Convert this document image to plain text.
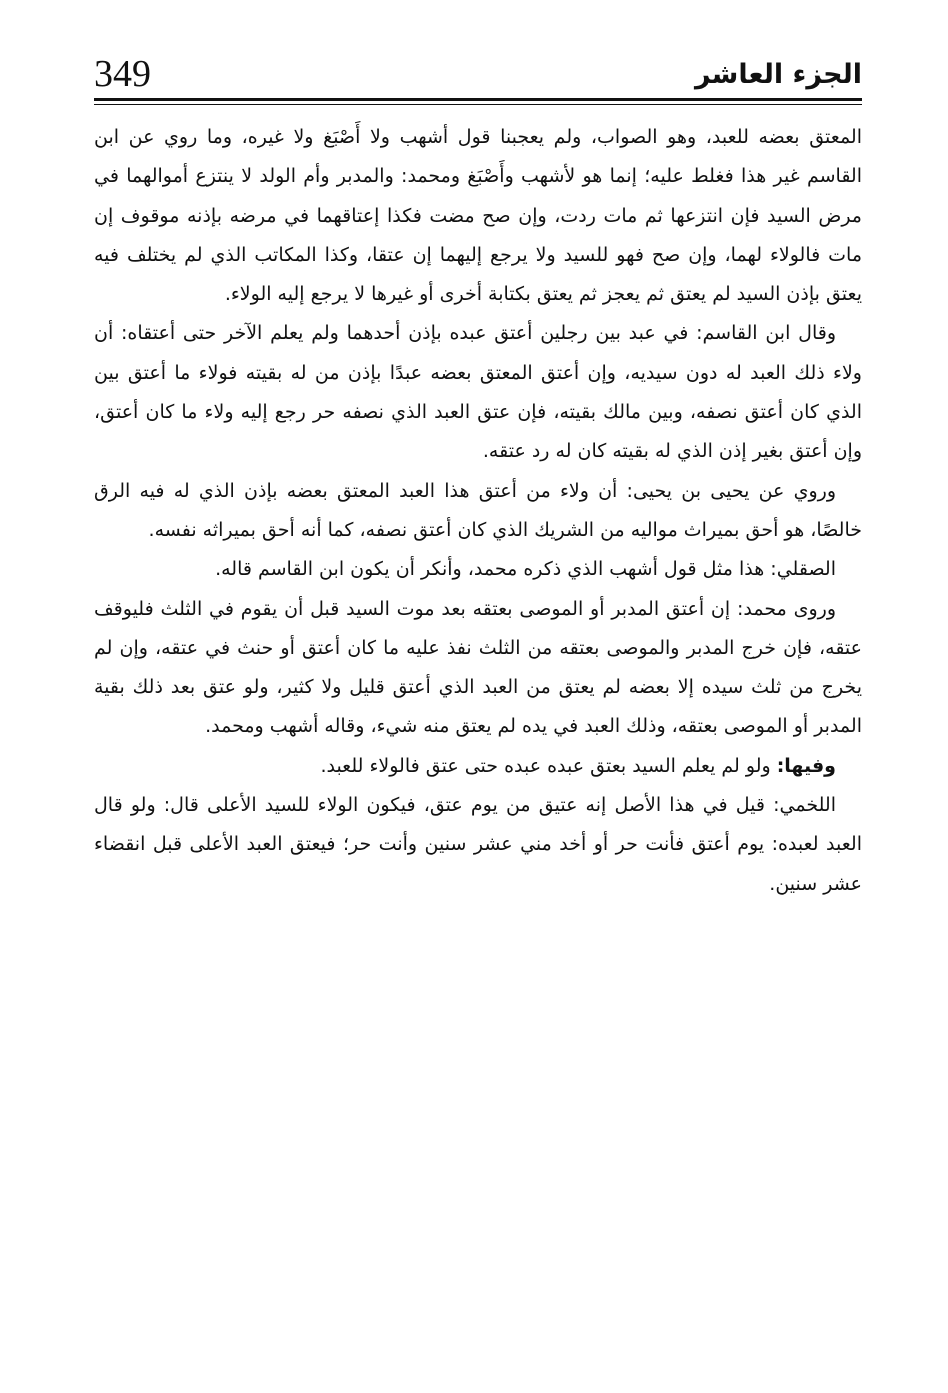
349	الجزء العاشر

المعتق بعضه للعبد، وهو الصواب، ولم يعجبنا قول أشهب ولا أَصْبَغ ولا غيره، وما روي عن ابن القاسم غير هذا فغلط عليه؛ إنما هو لأشهب وأَصْبَغ ومحمد: والمدبر وأم الولد لا ينتزع أموالهما في مرض السيد فإن انتزعها ثم مات ردت، وإن صح مضت فكذا إعتاقهما في مرضه بإذنه موقوف إن مات فالولاء لهما، وإن صح فهو للسيد ولا يرجع إليهما إن عتقا، وكذا المكاتب الذي لم يختلف فيه يعتق بإذن السيد لم يعتق ثم يعجز ثم يعتق بكتابة أخرى أو غيرها لا يرجع إليه الولاء.

وقال ابن القاسم: في عبد بين رجلين أعتق عبده بإذن أحدهما ولم يعلم الآخر حتى أعتقاه: أن ولاء ذلك العبد له دون سيديه، وإن أعتق المعتق بعضه عبدًا بإذن من له بقيته فولاء ما أعتق بين الذي كان أعتق نصفه، وبين مالك بقيته، فإن عتق العبد الذي نصفه حر رجع إليه ولاء ما كان أعتق، وإن أعتق بغير إذن الذي له بقيته كان له رد عتقه.

وروي عن يحيى بن يحيى: أن ولاء من أعتق هذا العبد المعتق بعضه بإذن الذي له فيه الرق خالصًا، هو أحق بميراث مواليه من الشريك الذي كان أعتق نصفه، كما أنه أحق بميراثه نفسه.

الصقلي: هذا مثل قول أشهب الذي ذكره محمد، وأنكر أن يكون ابن القاسم قاله.

وروى محمد: إن أعتق المدبر أو الموصى بعتقه بعد موت السيد قبل أن يقوم في الثلث فليوقف عتقه، فإن خرج المدبر والموصى بعتقه من الثلث نفذ عليه ما كان أعتق أو حنث في عتقه، وإن لم يخرج من ثلث سيده إلا بعضه لم يعتق من العبد الذي أعتق قليل ولا كثير، ولو عتق بعد ذلك بقية المدبر أو الموصى بعتقه، وذلك العبد في يده لم يعتق منه شيء، وقاله أشهب ومحمد.

وفيها: ولو لم يعلم السيد بعتق عبده عبده حتى عتق فالولاء للعبد.

اللخمي: قيل في هذا الأصل إنه عتيق من يوم عتق، فيكون الولاء للسيد الأعلى قال: ولو قال العبد لعبده: يوم أعتق فأنت حر أو أخد مني عشر سنين وأنت حر؛ فيعتق العبد الأعلى قبل انقضاء عشر سنين.
